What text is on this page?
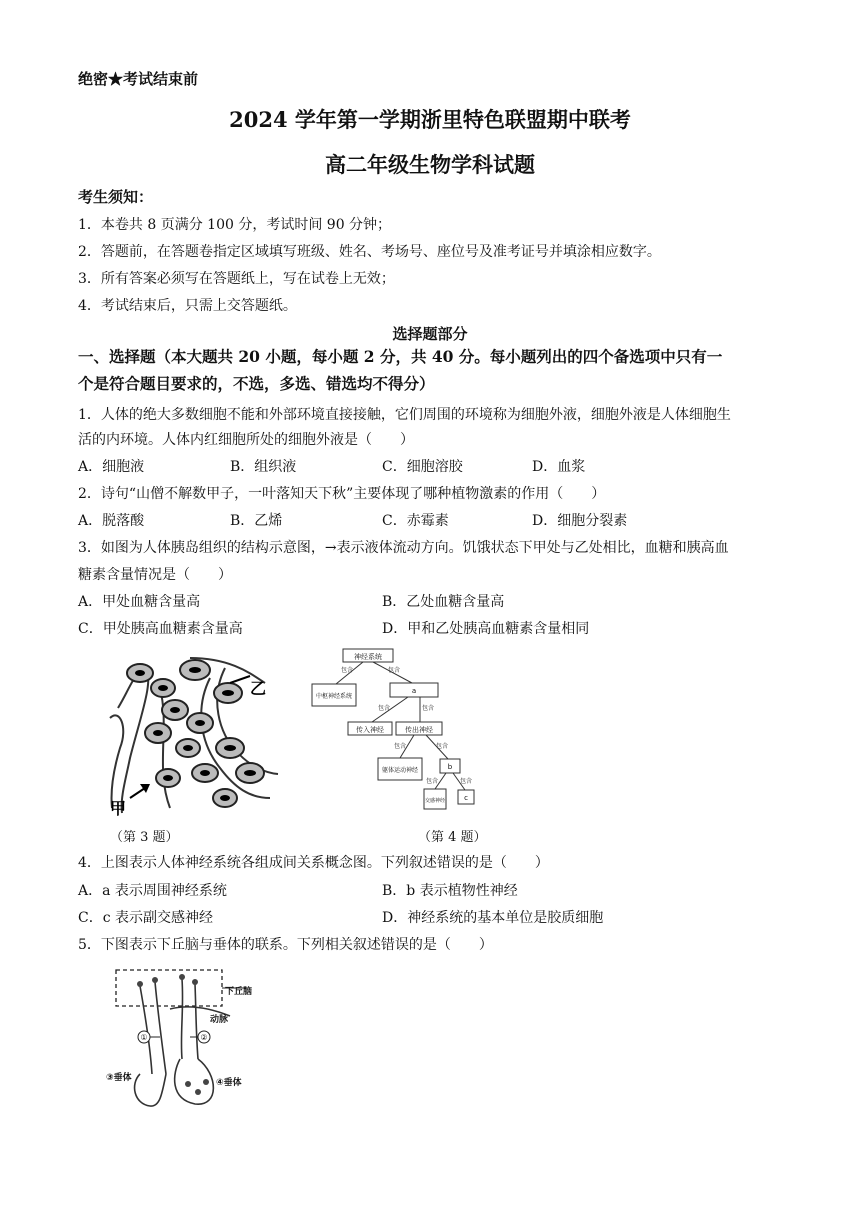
绝密★考试结束前
2024 学年第一学期浙里特色联盟期中联考
高二年级生物学科试题
考生须知：
1．本卷共 8 页满分 100 分，考试时间 90 分钟；
2．答题前，在答题卷指定区域填写班级、姓名、考场号、座位号及准考证号并填涂相应数字。
3．所有答案必须写在答题纸上，写在试卷上无效；
4．考试结束后，只需上交答题纸。
选择题部分
一、选择题（本大题共 20 小题，每小题 2 分，共 40 分。每小题列出的四个备选项中只有一
个是符合题目要求的，不选，多选、错选均不得分）
1．人体的绝大多数细胞不能和外部环境直接接触，它们周围的环境称为细胞外液，细胞外液是人体细胞生
活的内环境。人体内红细胞所处的细胞外液是（　　）
A．细胞液	B．组织液	C．细胞溶胶	D．血浆
2．诗句“山僧不解数甲子，一叶落知天下秋”主要体现了哪种植物激素的作用（　　）
A．脱落酸	B．乙烯	C．赤霉素	D．细胞分裂素
3．如图为人体胰岛组织的结构示意图，→表示液体流动方向。饥饿状态下甲处与乙处相比，血糖和胰高血
糖素含量情况是（　　）
A．甲处血糖含量高	B．乙处血糖含量高
C．甲处胰高血糖素含量高	D．甲和乙处胰高血糖素含量相同
甲
乙
（第 3 题）
包含	包含
包含	包含
包含	包含
包含	包含
神经系统
中枢神经系统
a
传入神经	传出神经
躯体运动神经	b
交感神经	c
（第 4 题）
4．上图表示人体神经系统各组成间关系概念图。下列叙述错误的是（　　）
A．a 表示周围神经系统	B．b 表示植物性神经
C．c 表示副交感神经	D．神经系统的基本单位是胶质细胞
5．下图表示下丘脑与垂体的联系。下列相关叙述错误的是（　　）
①	②
下丘脑
动脉
③垂体	④垂体
